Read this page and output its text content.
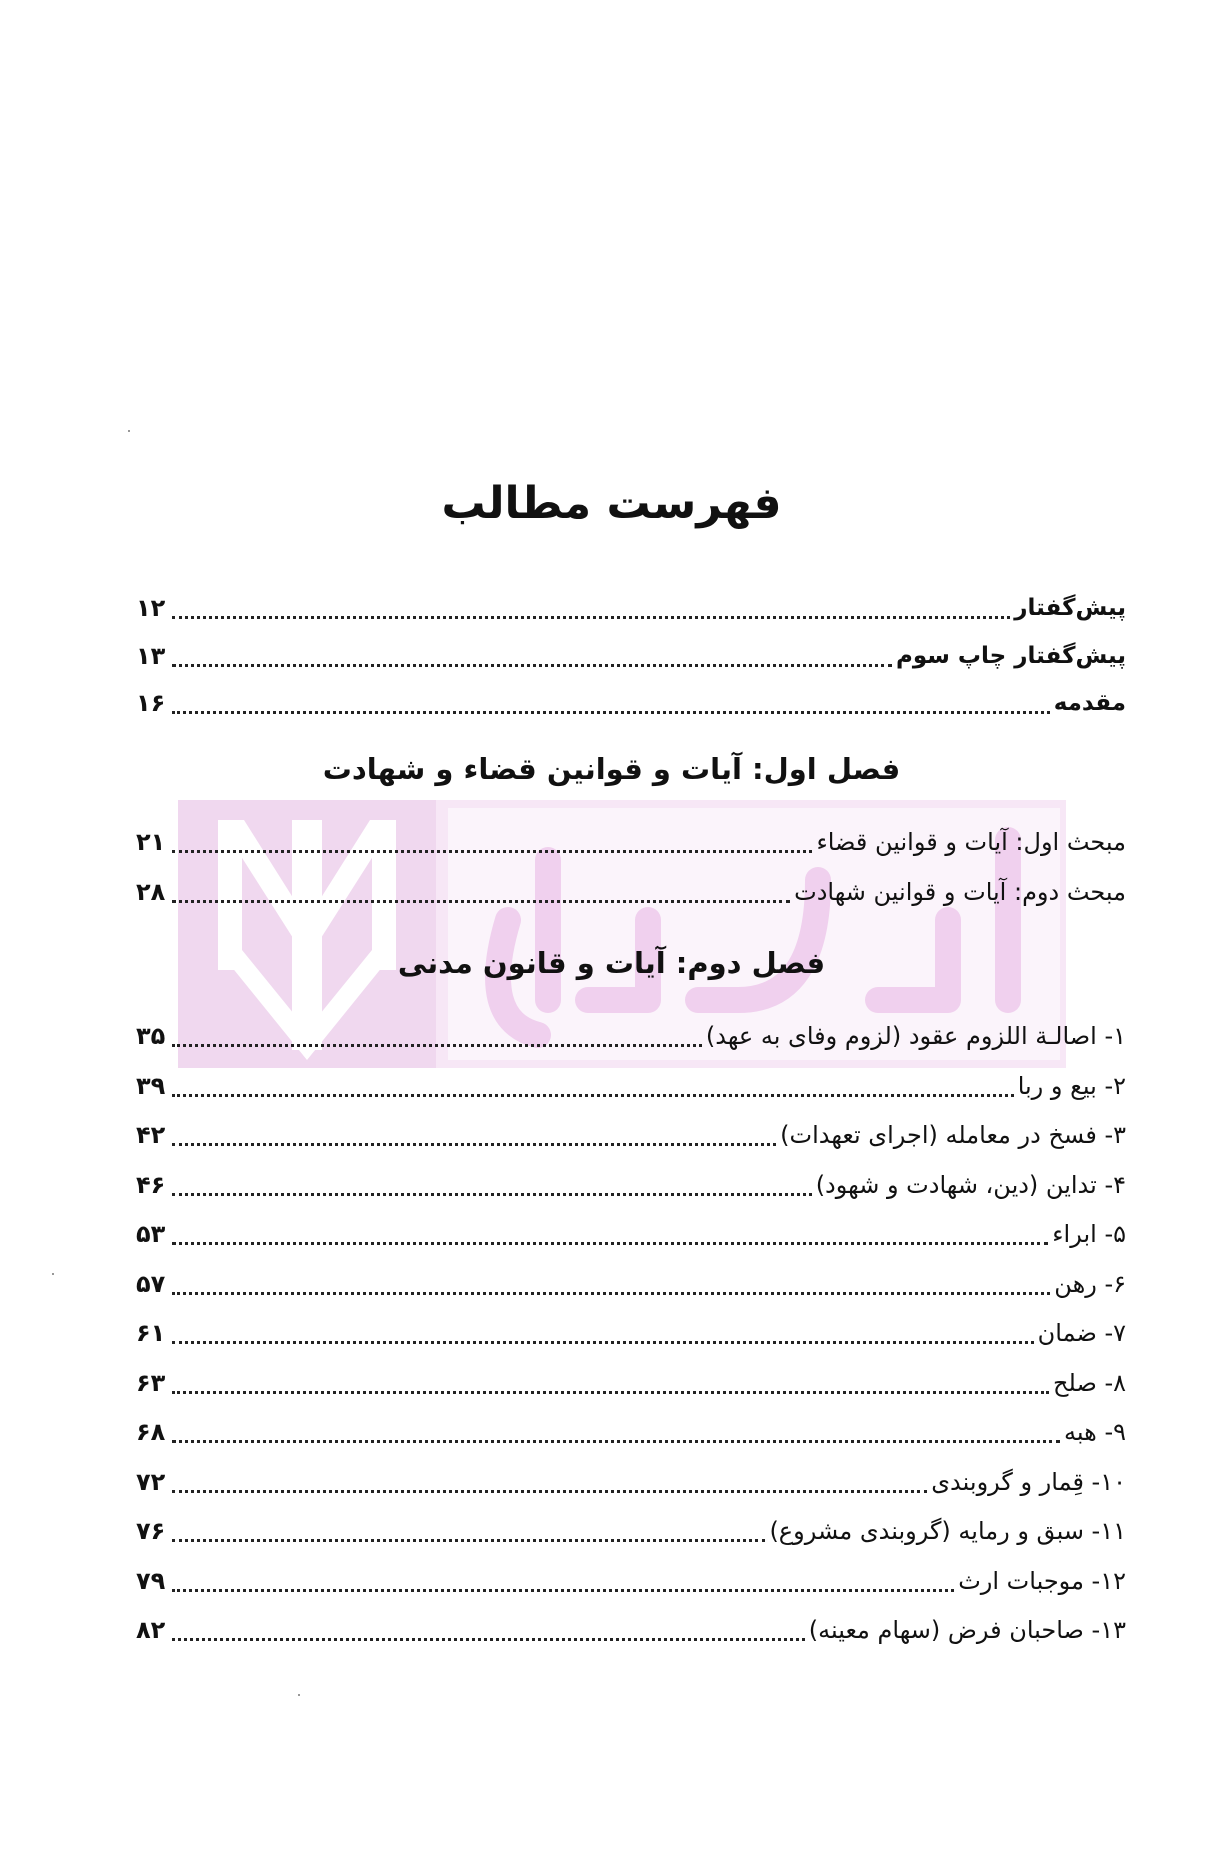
فهرست مطالب
پیش‌گفتار
۱۲
پیش‌گفتار چاپ سوم
۱۳
مقدمه
۱۶
فصل اول: آیات و قوانین قضاء و شهادت
مبحث اول: آیات و قوانین قضاء
۲۱
مبحث دوم: آیات و قوانین شهادت
۲۸
فصل دوم: آیات و قانون مدنی
۱- اصالـة اللزوم عقود (لزوم وفای به عهد)
۳۵
۲- بیع و ربا
۳۹
۳- فسخ در معامله (اجرای تعهدات)
۴۲
۴- تداین (دین، شهادت و شهود)
۴۶
۵- ابراء
۵۳
۶- رهن
۵۷
۷- ضمان
۶۱
۸- صلح
۶۳
۹- هبه
۶۸
۱۰- قِمار و گروبندی
۷۲
۱۱- سبق و رمایه (گروبندی مشروع)
۷۶
۱۲- موجبات ارث
۷۹
۱۳- صاحبان فرض (سهام معینه)
۸۲
